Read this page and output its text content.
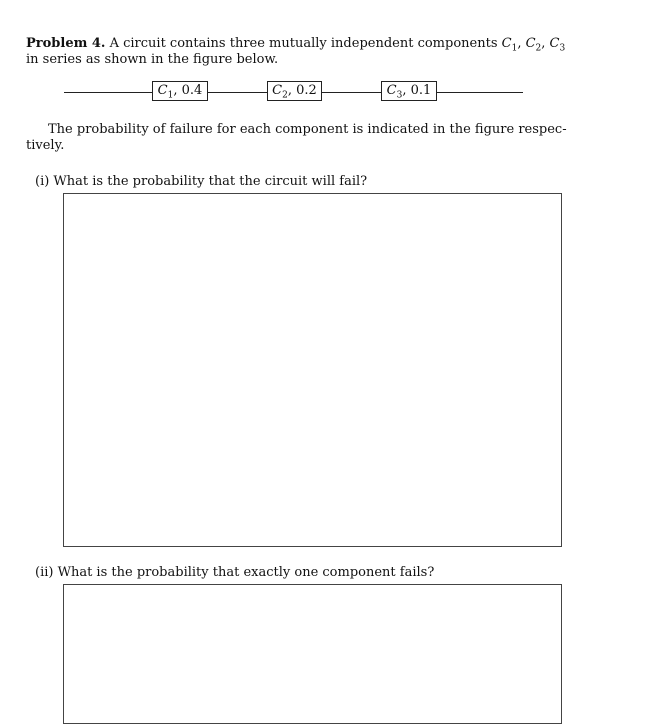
Problem 4. A circuit contains three mutually independent components $C_1$, $C_2$, $C_3$
in series as shown in the figure below.
$C_1$, 0.4	$C_2$, 0.2	$C_3$, 0.1
The probability of failure for each component is indicated in the figure respec-tively.
(i) What is the probability that the circuit will fail?
(ii) What is the probability that exactly one component fails?
